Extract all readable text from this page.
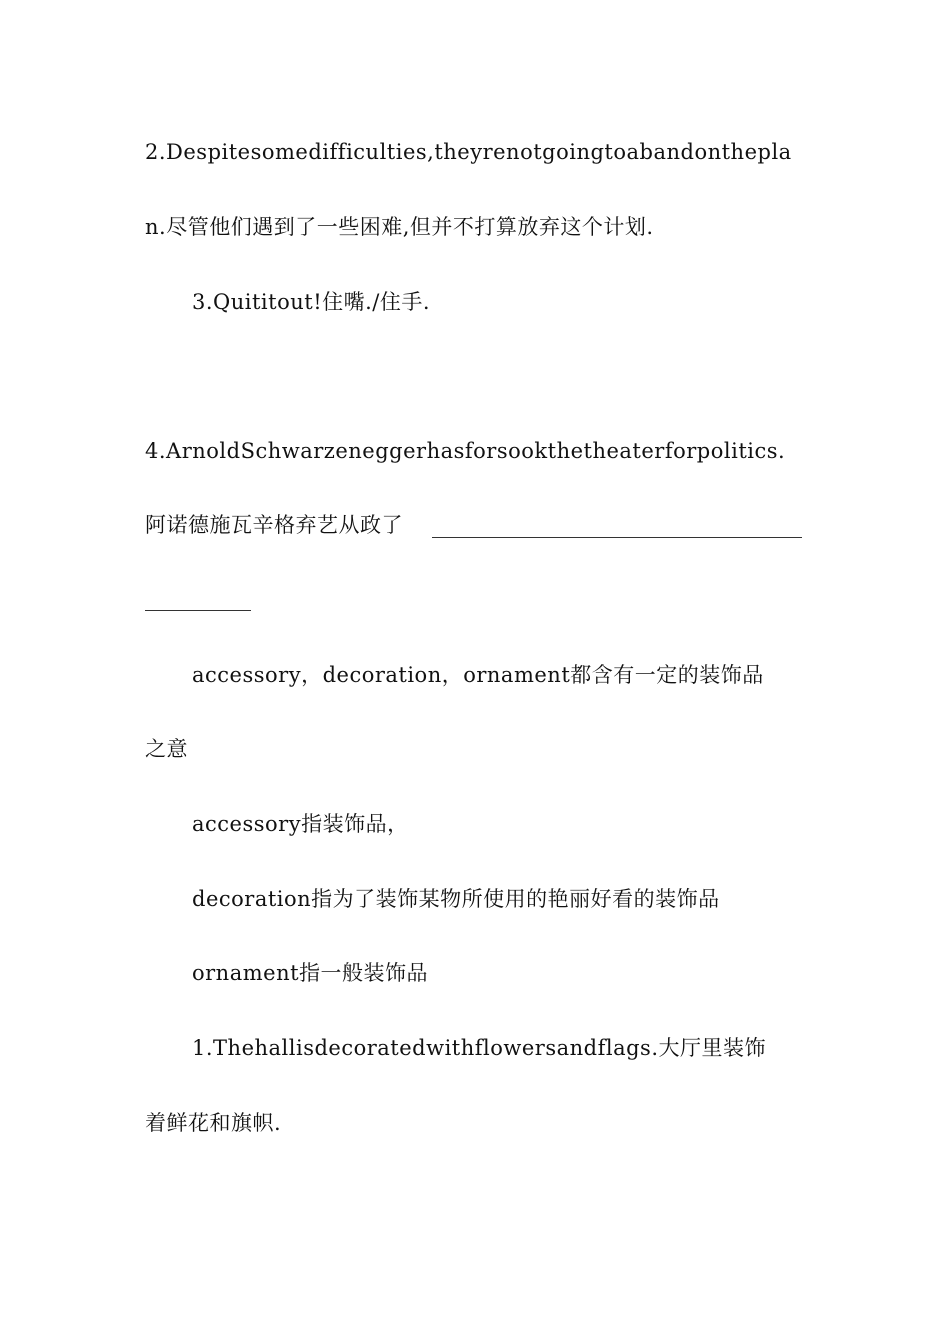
2.Despitesomedifficulties,theyrenotgoingtoabandonthepla
n.尽管他们遇到了一些困难,但并不打算放弃这个计划.
3.Quititout!住嘴./住手.
4.ArnoldSchwarzeneggerhasforsookthetheaterforpolitics.
阿诺德施瓦辛格弃艺从政了
accessory，decoration，ornament都含有一定的装饰品
之意
accessory指装饰品，
decoration指为了装饰某物所使用的艳丽好看的装饰品
ornament指一般装饰品
1.Thehallisdecoratedwithflowersandflags.大厅里装饰
着鲜花和旗帜.
